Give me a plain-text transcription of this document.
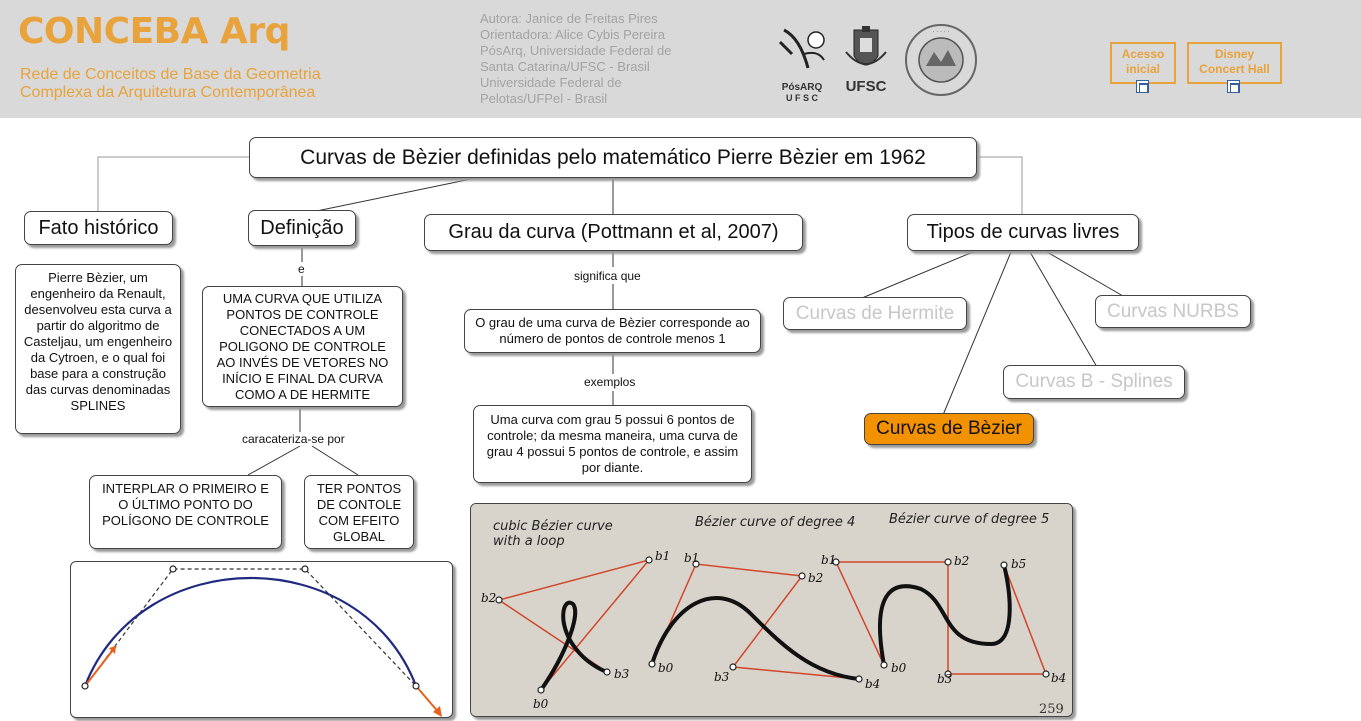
CONCEBA Arq
Rede de Conceitos de Base da Geometria
Complexa da Arquitetura Contemporânea
Autora: Janice de Freitas Pires
Orientadora: Alice Cybis Pereira
PósArq, Universidade Federal de
Santa Catarina/UFSC - Brasil
Universidade Federal de
Pelotas/UFPel - Brasil
PósARQ
U F S C
UFSC
· · · · ·
Acesso
inicial
Disney
Concert Hall
e
caracateriza-se por
significa que
exemplos
Curvas de Bèzier definidas pelo matemático Pierre Bèzier em 1962
Fato histórico	Definição	Grau da curva (Pottmann et al, 2007)	Tipos de curvas livres
Pierre Bèzier, um engenheiro da Renault, desenvolveu esta curva a partir do algoritmo de Casteljau, um engenheiro da Cytroen, e o qual foi base para a construção das curvas denominadas SPLINES
UMA CURVA QUE UTILIZA PONTOS DE CONTROLE CONECTADOS A UM POLIGONO DE CONTROLE AO INVÉS DE VETORES NO INÍCIO E FINAL DA CURVA COMO A DE HERMITE
INTERPLAR O PRIMEIRO E O ÚLTIMO PONTO DO POLÍGONO DE CONTROLE
TER PONTOS DE CONTOLE COM EFEITO GLOBAL
O grau de uma curva de Bèzier corresponde ao número de pontos de controle menos 1
Uma curva com grau 5 possui 6 pontos de controle; da mesma maneira, uma curva de grau 4 possui 5 pontos de controle, e assim por diante.
Curvas de Hermite	Curvas NURBS
Curvas B - Splines
Curvas de Bèzier
cubic Bézier curve
with a loop
Bézier curve of degree 4	Bézier curve of degree 5
b0
b1
b2
b3 b0
b1
b2
b3	b4
b0
b1	b2
b3	b4
b5
259
